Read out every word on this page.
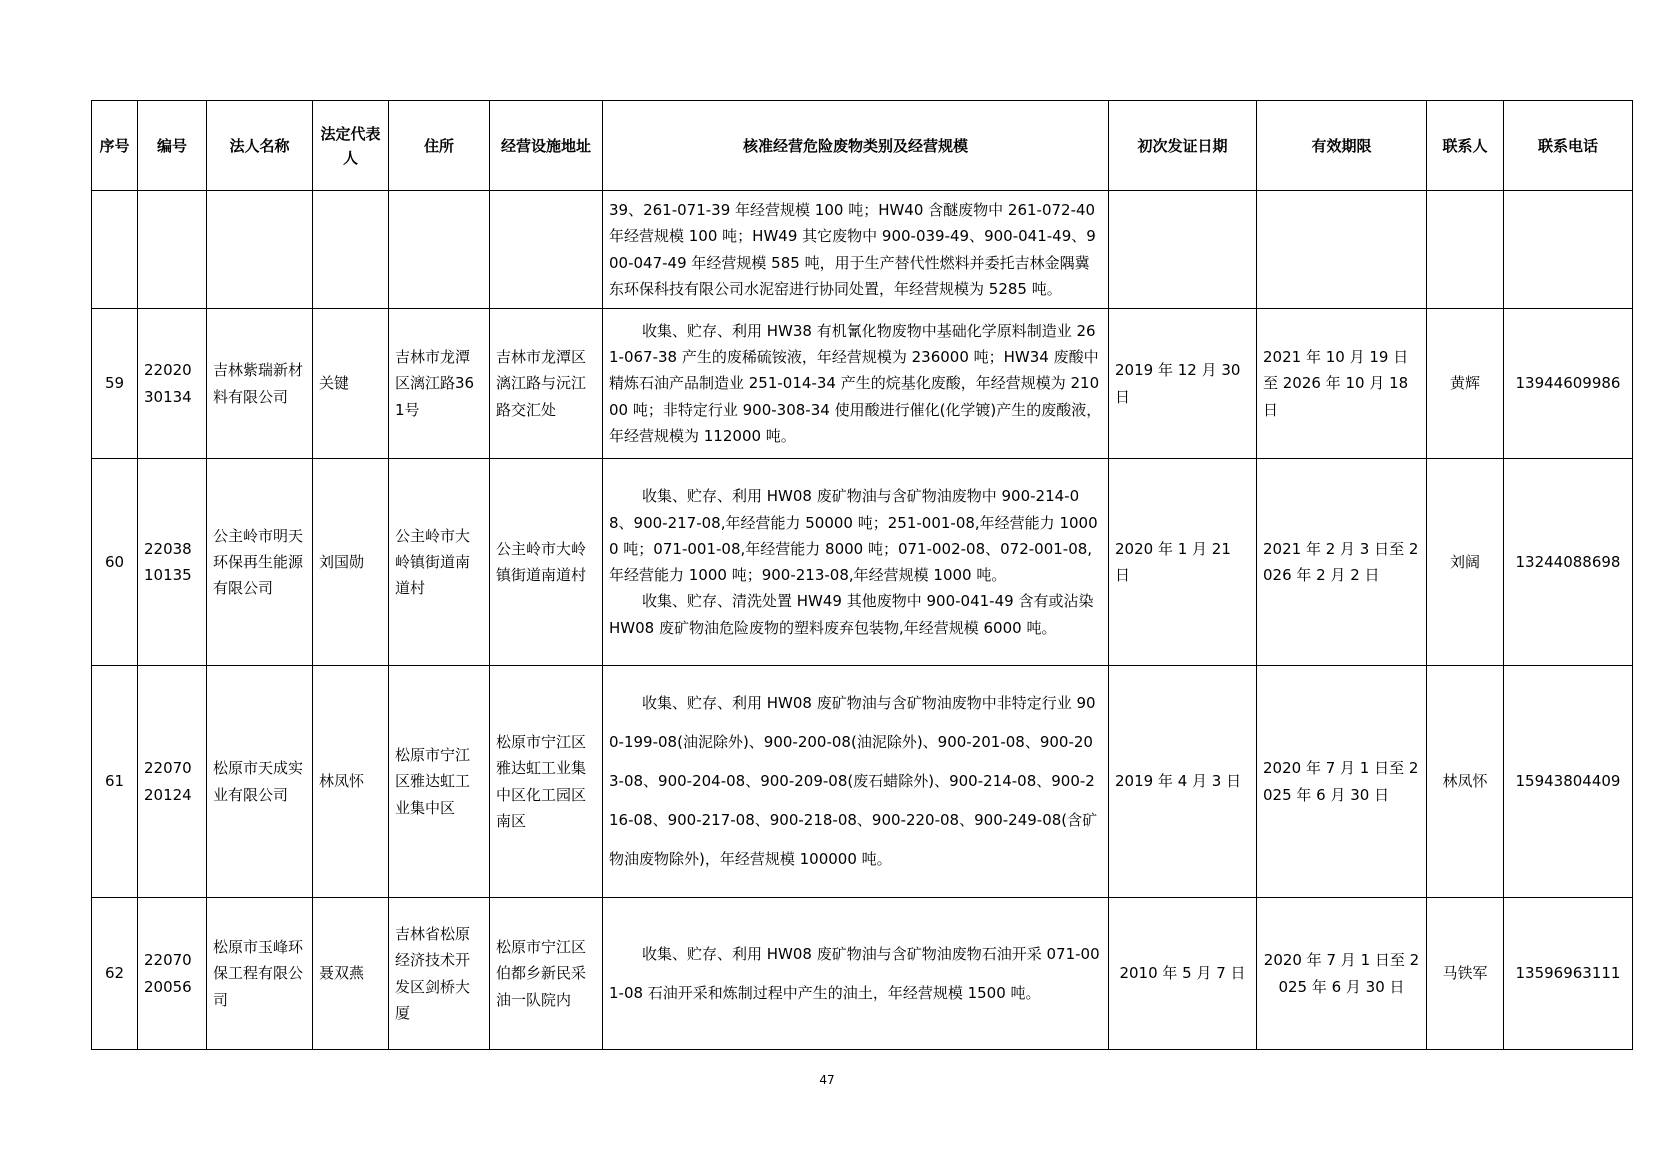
序号	编号	法人名称	法定代表人	住所	经营设施地址	核准经营危险废物类别及经营规模	初次发证日期	有效期限	联系人	联系电话

						39、261-071-39 年经营规模 100 吨；HW40 含醚废物中 261-072-40 年经营规模 100 吨；HW49 其它废物中 900-039-49、900-041-49、900-047-49 年经营规模 585 吨，用于生产替代性燃料并委托吉林金隅冀东环保科技有限公司水泥窑进行协同处置，年经营规模为 5285 吨。				

59	2202030134	吉林紫瑞新材料有限公司	关键	吉林市龙潭区漓江路361号	吉林市龙潭区漓江路与沅江路交汇处	收集、贮存、利用 HW38 有机氰化物废物中基础化学原料制造业 261-067-38 产生的废稀硫铵液，年经营规模为 236000 吨；HW34 废酸中精炼石油产品制造业 251-014-34 产生的烷基化废酸，年经营规模为 21000 吨；非特定行业 900-308-34 使用酸进行催化(化学镀)产生的废酸液，年经营规模为 112000 吨。	2019 年 12 月 30 日	2021 年 10 月 19 日至 2026 年 10 月 18 日	黄辉	13944609986
60	2203810135	公主岭市明天环保再生能源有限公司	刘国勋	公主岭市大岭镇街道南道村	公主岭市大岭镇街道南道村	收集、贮存、利用 HW08 废矿物油与含矿物油废物中 900-214-08、900-217-08,年经营能力 50000 吨；251-001-08,年经营能力 10000 吨；071-001-08,年经营能力 8000 吨；071-002-08、072-001-08,年经营能力 1000 吨；900-213-08,年经营规模 1000 吨。

收集、贮存、清洗处置 HW49 其他废物中 900-041-49 含有或沾染 HW08 废矿物油危险废物的塑料废弃包装物,年经营规模 6000 吨。	2020 年 1 月 21 日	2021 年 2 月 3 日至 2026 年 2 月 2 日	刘阔	13244088698
61	2207020124	松原市天成实业有限公司	林凤怀	松原市宁江区雅达虹工业集中区	松原市宁江区雅达虹工业集中区化工园区南区	收集、贮存、利用 HW08 废矿物油与含矿物油废物中非特定行业 900-199-08(油泥除外)、900-200-08(油泥除外)、900-201-08、900-203-08、900-204-08、900-209-08(废石蜡除外)、900-214-08、900-216-08、900-217-08、900-218-08、900-220-08、900-249-08(含矿物油废物除外)，年经营规模 100000 吨。	2019 年 4 月 3 日	2020 年 7 月 1 日至 2025 年 6 月 30 日	林凤怀	15943804409
62	2207020056	松原市玉峰环保工程有限公司	聂双燕	吉林省松原经济技术开发区剑桥大厦	松原市宁江区伯都乡新民采油一队院内	收集、贮存、利用 HW08 废矿物油与含矿物油废物石油开采 071-001-08 石油开采和炼制过程中产生的油土，年经营规模 1500 吨。	2010 年 5 月 7 日	2020 年 7 月 1 日至 2025 年 6 月 30 日	马铁军	13596963111
47
